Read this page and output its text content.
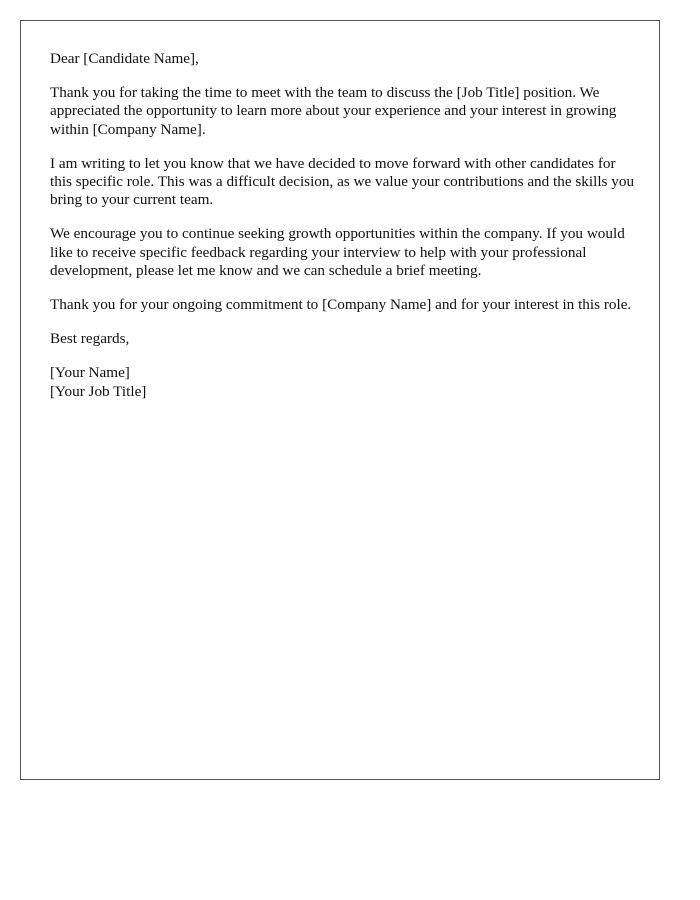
Dear [Candidate Name],

Thank you for taking the time to meet with the team to discuss the [Job Title] position. We appreciated the opportunity to learn more about your experience and your interest in growing within [Company Name].

I am writing to let you know that we have decided to move forward with other candidates for this specific role. This was a difficult decision, as we value your contributions and the skills you bring to your current team.

We encourage you to continue seeking growth opportunities within the company. If you would like to receive specific feedback regarding your interview to help with your professional development, please let me know and we can schedule a brief meeting.

Thank you for your ongoing commitment to [Company Name] and for your interest in this role.

Best regards,

[Your Name]
[Your Job Title]
